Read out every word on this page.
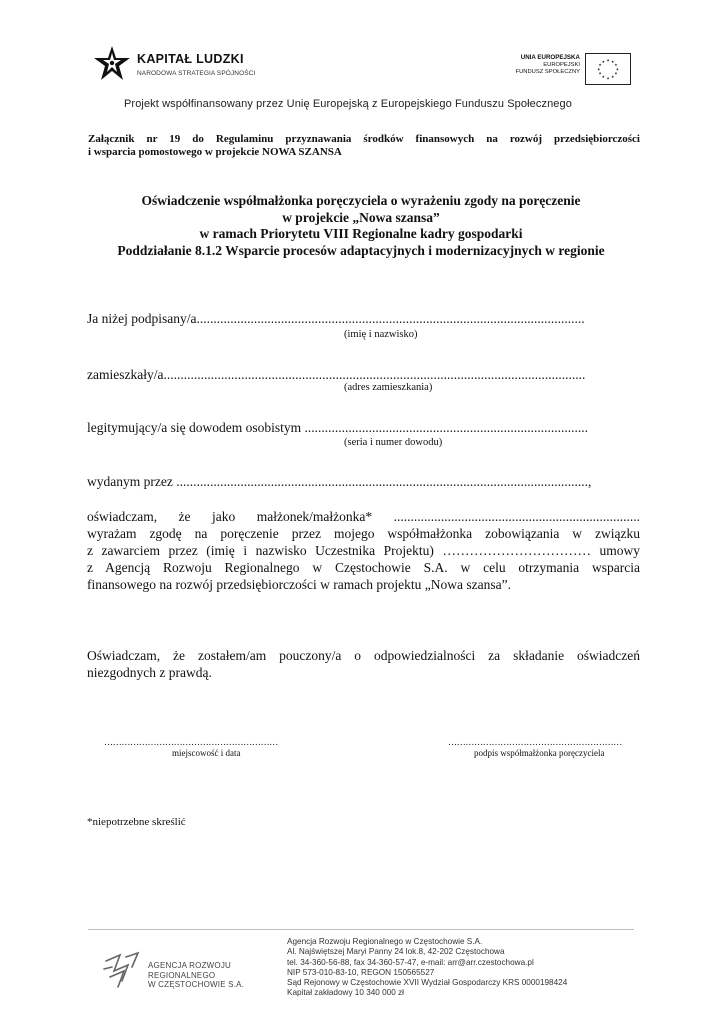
KAPITAŁ LUDZKI
NARODOWA STRATEGIA SPÓJNOŚCI
UNIA EUROPEJSKA
EUROPEJSKI
FUNDUSZ SPOŁECZNY
★ ★
★
★
★
★
★
★
★
★
★
★
Projekt współfinansowany przez Unię Europejską z Europejskiego Funduszu Społecznego
Załącznik nr 19 do Regulaminu przyznawania środków finansowych na rozwój przedsiębiorczości
i wsparcia pomostowego w projekcie NOWA SZANSA
Oświadczenie współmałżonka poręczyciela o wyrażeniu zgody na poręczenie
w projekcie „Nowa szansa”
w ramach Priorytetu VIII Regionalne kadry gospodarki
Poddziałanie 8.1.2 Wsparcie procesów adaptacyjnych i modernizacyjnych w regionie
Ja niżej podpisany/a...................................................................................................................
(imię i nazwisko)
zamieszkały/a.............................................................................................................................
(adres zamieszkania)
legitymujący/a się dowodem osobistym ....................................................................................
(seria i numer dowodu)
wydanym przez ..........................................................................................................................,
oświadczam, że jako małżonek/małżonka* .........................................................................
wyrażam zgodę na poręczenie przez mojego współmałżonka zobowiązania w związku
z zawarciem przez (imię i nazwisko Uczestnika Projektu) …………………………… umowy
z Agencją Rozwoju Regionalnego w Częstochowie S.A. w celu otrzymania wsparcia
finansowego na rozwój przedsiębiorczości w ramach projektu „Nowa szansa”.
Oświadczam, że zostałem/am pouczony/a o odpowiedzialności za składanie oświadczeń
niezgodnych z prawdą.
……………………………………………………
miejscowość i data
……………………………………………………
podpis współmałżonka poręczyciela
*niepotrzebne skreślić
AGENCJA ROZWOJU
REGIONALNEGO
W CZĘSTOCHOWIE S.A.
Agencja Rozwoju Regionalnego w Częstochowie S.A.
Al. Najświętszej Maryi Panny 24 lok.8, 42-202 Częstochowa
tel. 34-360-56-88, fax 34-360-57-47, e-mail: arr@arr.czestochowa.pl
NIP 573-010-83-10, REGON 150565527
Sąd Rejonowy w Częstochowie XVII Wydział Gospodarczy KRS 0000198424
Kapitał zakładowy 10 340 000 zł
